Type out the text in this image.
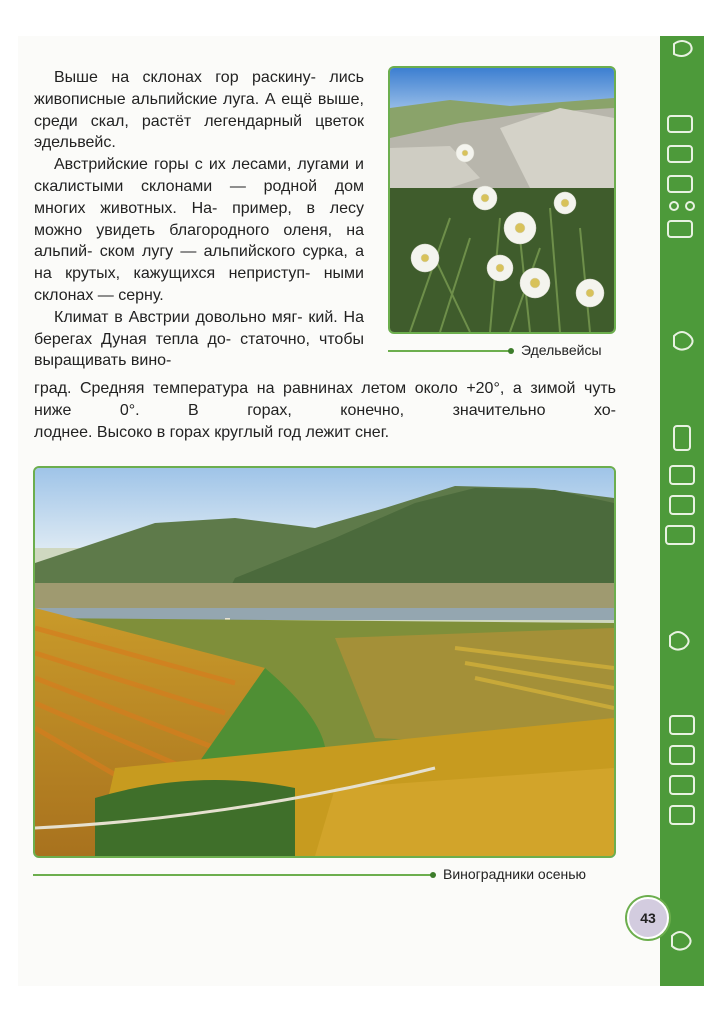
Выше на склонах гор раскину- лись живописные альпийские луга. А ещё выше, среди скал, растёт легендарный цветок эдельвейс.

Австрийские горы с их лесами, лугами и скалистыми склонами — родной дом многих животных. На- пример, в лесу можно увидеть благородного оленя, на альпий- ском лугу — альпийского сурка, а на крутых, кажущихся неприступ- ными склонах — серну.

Климат в Австрии довольно мяг- кий. На берегах Дуная тепла до- статочно, чтобы выращивать вино-

град. Средняя температура на равнинах летом около +20°, а зимой чуть ниже 0°. В горах, конечно, значительно хо-

лоднее. Высоко в горах круглый год лежит снег.

Эдельвейсы
Виноградники осенью
43
